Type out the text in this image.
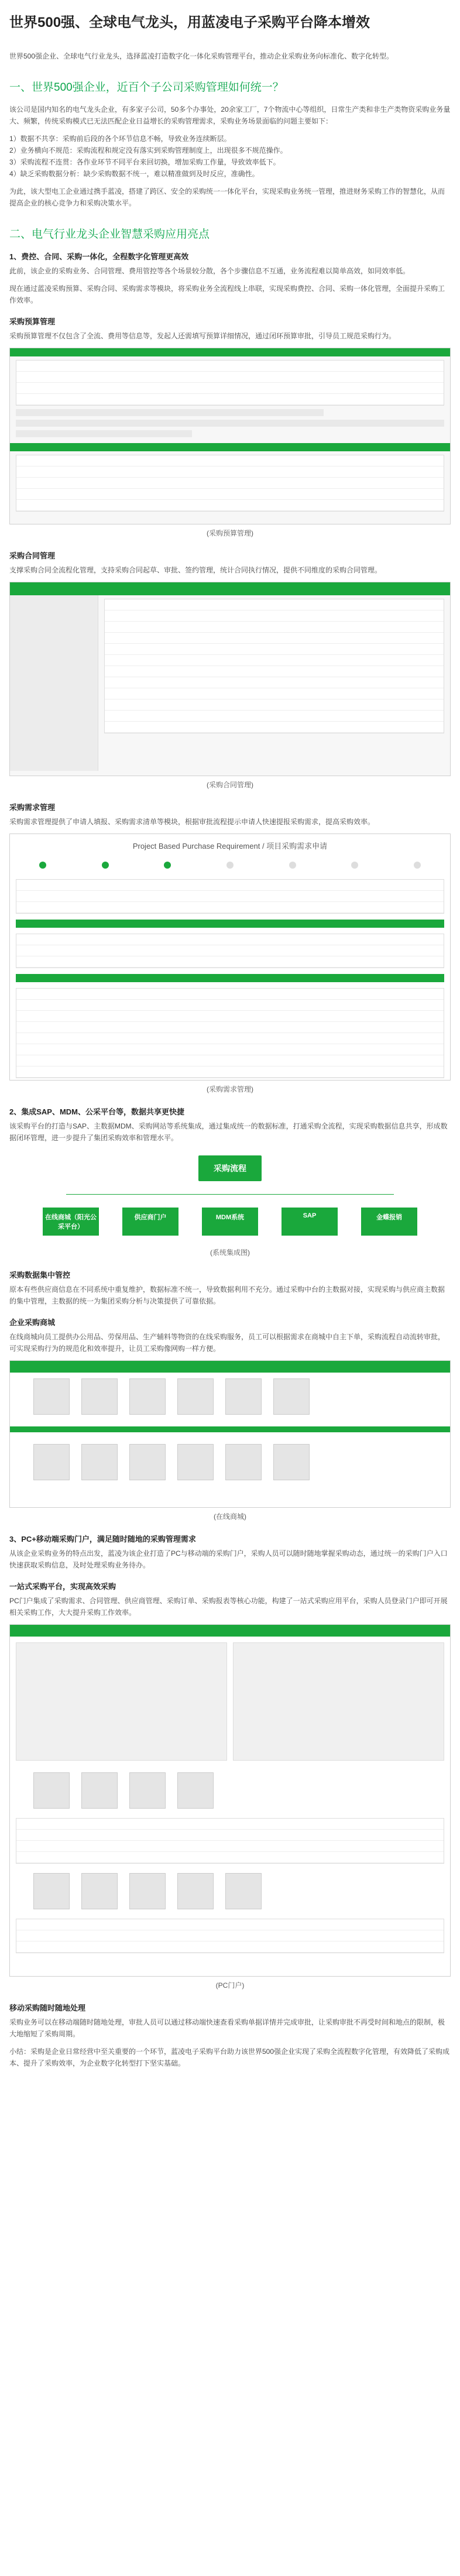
世界500强、全球电气龙头，用蓝凌电子采购平台降本增效

世界500强企业、全球电气行业龙头，选择蓝凌打造数字化一体化采购管理平台，推动企业采购业务向标准化、数字化转型。

一、世界500强企业，近百个子公司采购管理如何统一？

该公司是国内知名的电气龙头企业，有多家子公司，50多个办事处，20余家工厂，7个物流中心等组织，日常生产类和非生产类物资采购业务量大、频繁，传统采购模式已无法匹配企业日益增长的采购管理需求，采购业务场景面临的问题主要如下：

1）数据不共享：采购前后段的各个环节信息不畅，导致业务连续断层。

2）业务横向不规范：采购流程和规定没有落实到采购管理制度上，出现很多不规范操作。

3）采购流程不连贯：各作业环节不同平台来回切换，增加采购工作量，导致效率低下。

4）缺乏采购数据分析：缺少采购数据不统一，难以精准做到及时反应，准确性。

为此，该大型电工企业通过携手蓝凌，搭建了跨区、安全的采购统一一体化平台，实现采购业务统一管理，推进财务采购工作的智慧化，从而提高企业的核心竞争力和采购决策水平。

二、电气行业龙头企业智慧采购应用亮点
1、费控、合同、采购一体化，全程数字化管理更高效

此前，该企业的采购业务、合同管理、费用管控等各个场景较分散，各个步骤信息不互通，业务流程难以简单高效，如同效率低。

现在通过蓝凌采购预算、采购合同、采购需求等模块，将采购业务全流程线上串联，实现采购费控、合同、采购一体化管理，全面提升采购工作效率。

采购预算管理

采购预算管理不仅包含了全流、费用等信息等，发起人还需填写预算详细情况，通过闭环预算审批，引导员工规范采购行为。

(采购预算管理)
采购合同管理

支撑采购合同全流程化管理，支持采购合同起草、审批、签约管理，统计合同执行情况，提供不同维度的采购合同管理。

(采购合同管理)
采购需求管理

采购需求管理提供了申请人填报、采购需求清单等模块，根据审批流程提示申请人快速提报采购需求，提高采购效率。

Project Based Purchase Requirement / 项目采购需求申请
(采购需求管理)
2、集成SAP、MDM、公采平台等，数据共享更快捷

该采购平台的打造与SAP、主数据MDM、采购网站等系统集成，通过集成统一的数据标准，打通采购全流程，实现采购数据信息共享，形成数据闭环管理，进一步提升了集团采购效率和管理水平。

采购流程
在线商城（阳光公采平台）
供应商门户	MDM系统	SAP	金蝶报销
(系统集成图)
采购数据集中管控

原本有些供应商信息在不同系统中重复维护，数据标准不统一，导致数据利用不充分。通过采购中台的主数据对接，实现采购与供应商主数据的集中管理，主数据的统一为集团采购分析与决策提供了可靠依据。

企业采购商城

在线商城向员工提供办公用品、劳保用品、生产辅料等物资的在线采购服务，员工可以根据需求在商城中自主下单，采购流程自动流转审批，可实现采购行为的规范化和效率提升，让员工采购像网购一样方便。

(在线商城)
3、PC+移动端采购门户，满足随时随地的采购管理需求

从该企业采购业务的特点出发，蓝凌为该企业打造了PC与移动端的采购门户，采购人员可以随时随地掌握采购动态，通过统一的采购门户入口快速获取采购信息，及时处理采购业务待办。

一站式采购平台，实现高效采购

PC门户集成了采购需求、合同管理、供应商管理、采购订单、采购报表等核心功能，构建了一站式采购应用平台，采购人员登录门户即可开展相关采购工作，大大提升采购工作效率。

(PC门户)
移动采购随时随地处理

采购业务可以在移动端随时随地处理，审批人员可以通过移动端快速查看采购单据详情并完成审批，让采购审批不再受时间和地点的限制，极大地缩短了采购周期。

小结：采购是企业日常经营中至关重要的一个环节，蓝凌电子采购平台助力该世界500强企业实现了采购全流程数字化管理，有效降低了采购成本、提升了采购效率，为企业数字化转型打下坚实基础。
